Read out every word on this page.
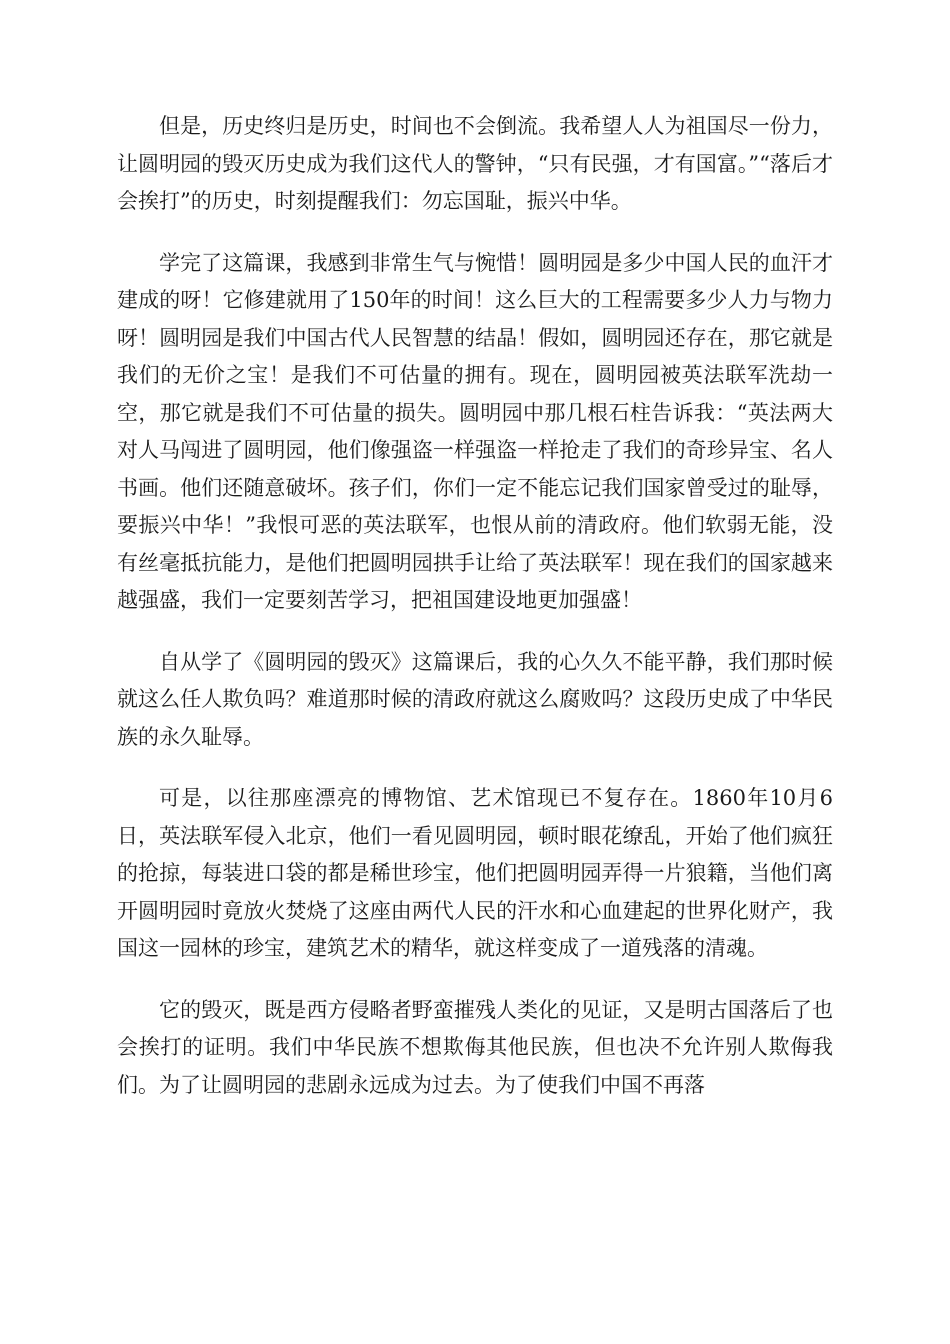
但是，历史终归是历史，时间也不会倒流。我希望人人为祖国尽一份力，让圆明园的毁灭历史成为我们这代人的警钟，“只有民强，才有国富。”“落后才会挨打”的历史，时刻提醒我们：勿忘国耻，振兴中华。

学完了这篇课，我感到非常生气与惋惜！圆明园是多少中国人民的血汗才建成的呀！它修建就用了150年的时间！这么巨大的工程需要多少人力与物力呀！圆明园是我们中国古代人民智慧的结晶！假如，圆明园还存在，那它就是我们的无价之宝！是我们不可估量的拥有。现在，圆明园被英法联军洗劫一空，那它就是我们不可估量的损失。圆明园中那几根石柱告诉我：“英法两大对人马闯进了圆明园，他们像强盗一样强盗一样抢走了我们的奇珍异宝、名人书画。他们还随意破坏。孩子们，你们一定不能忘记我们国家曾受过的耻辱，要振兴中华！”我恨可恶的英法联军，也恨从前的清政府。他们软弱无能，没有丝毫抵抗能力，是他们把圆明园拱手让给了英法联军！现在我们的国家越来越强盛，我们一定要刻苦学习，把祖国建设地更加强盛！

自从学了《圆明园的毁灭》这篇课后，我的心久久不能平静，我们那时候就这么任人欺负吗？难道那时候的清政府就这么腐败吗？这段历史成了中华民族的永久耻辱。

可是，以往那座漂亮的博物馆、艺术馆现已不复存在。1860年10月6日，英法联军侵入北京，他们一看见圆明园，顿时眼花缭乱，开始了他们疯狂的抢掠，每装进口袋的都是稀世珍宝，他们把圆明园弄得一片狼籍，当他们离开圆明园时竟放火焚烧了这座由两代人民的汗水和心血建起的世界化财产，我国这一园林的珍宝，建筑艺术的精华，就这样变成了一道残落的清魂。

它的毁灭，既是西方侵略者野蛮摧残人类化的见证，又是明古国落后了也会挨打的证明。我们中华民族不想欺侮其他民族，但也决不允许别人欺侮我们。为了让圆明园的悲剧永远成为过去。为了使我们中国不再落
